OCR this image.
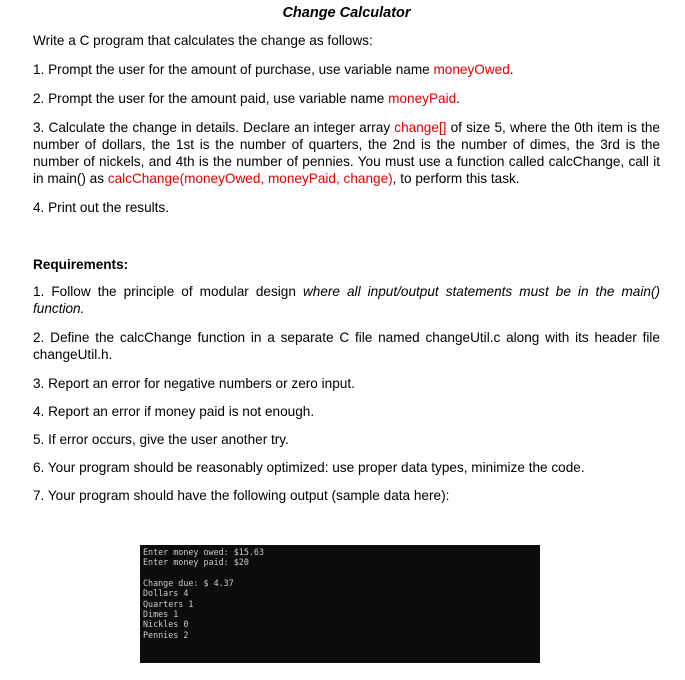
Change Calculator

Write a C program that calculates the change as follows:

1. Prompt the user for the amount of purchase, use variable name moneyOwed.

2. Prompt the user for the amount paid, use variable name moneyPaid.

3. Calculate the change in details. Declare an integer array change[] of size 5, where the 0th item is the number of dollars, the 1st is the number of quarters, the 2nd is the number of dimes, the 3rd is the number of nickels, and 4th is the number of pennies. You must use a function called calcChange, call it in main() as calcChange(moneyOwed, moneyPaid, change), to perform this task.

4. Print out the results.

Requirements:

1. Follow the principle of modular design where all input/output statements must be in the main() function.

2. Define the calcChange function in a separate C file named changeUtil.c along with its header file changeUtil.h.

3. Report an error for negative numbers or zero input.

4. Report an error if money paid is not enough.

5. If error occurs, give the user another try.

6. Your program should be reasonably optimized: use proper data types, minimize the code.

7. Your program should have the following output (sample data here):

Enter money owed: $15.63
Enter money paid: $20
Change due: $ 4.37
Dollars 4
Quarters 1
Dimes 1
Nickles 0
Pennies 2
